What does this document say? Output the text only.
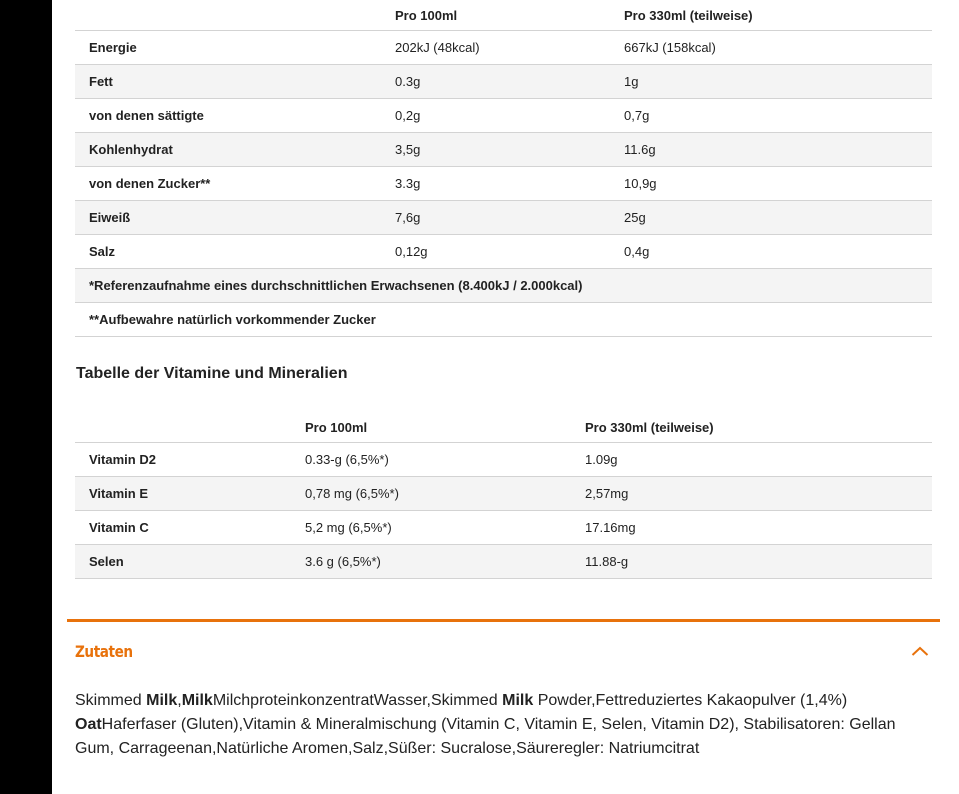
	Pro 100ml	Pro 330ml (teilweise)
Energie	202kJ (48kcal)	667kJ (158kcal)
Fett	0.3g	1g
von denen sättigte	0,2g	0,7g
Kohlenhydrat	3,5g	11.6g
von denen Zucker**	3.3g	10,9g
Eiweiß	7,6g	25g
Salz	0,12g	0,4g
*Referenzaufnahme eines durchschnittlichen Erwachsenen (8.400kJ / 2.000kcal)		
**Aufbewahre natürlich vorkommender Zucker		
Tabelle der Vitamine und Mineralien
	Pro 100ml	Pro 330ml (teilweise)
Vitamin D2	0.33-g (6,5%*)	1.09g
Vitamin E	0,78 mg (6,5%*)	2,57mg
Vitamin C	5,2 mg (6,5%*)	17.16mg
Selen	3.6 g (6,5%*)	11.88-g
Zutaten
Skimmed Milk,MilkMilchproteinkonzentratWasser,Skimmed Milk Powder,Fettreduziertes Kakaopulver (1,4%)
OatHaferfaser (Gluten),Vitamin & Mineralmischung (Vitamin C, Vitamin E, Selen, Vitamin D2), Stabilisatoren: Gellan Gum, Carrageenan,Natürliche Aromen,Salz,Süßer: Sucralose,Säureregler: Natriumcitrat
